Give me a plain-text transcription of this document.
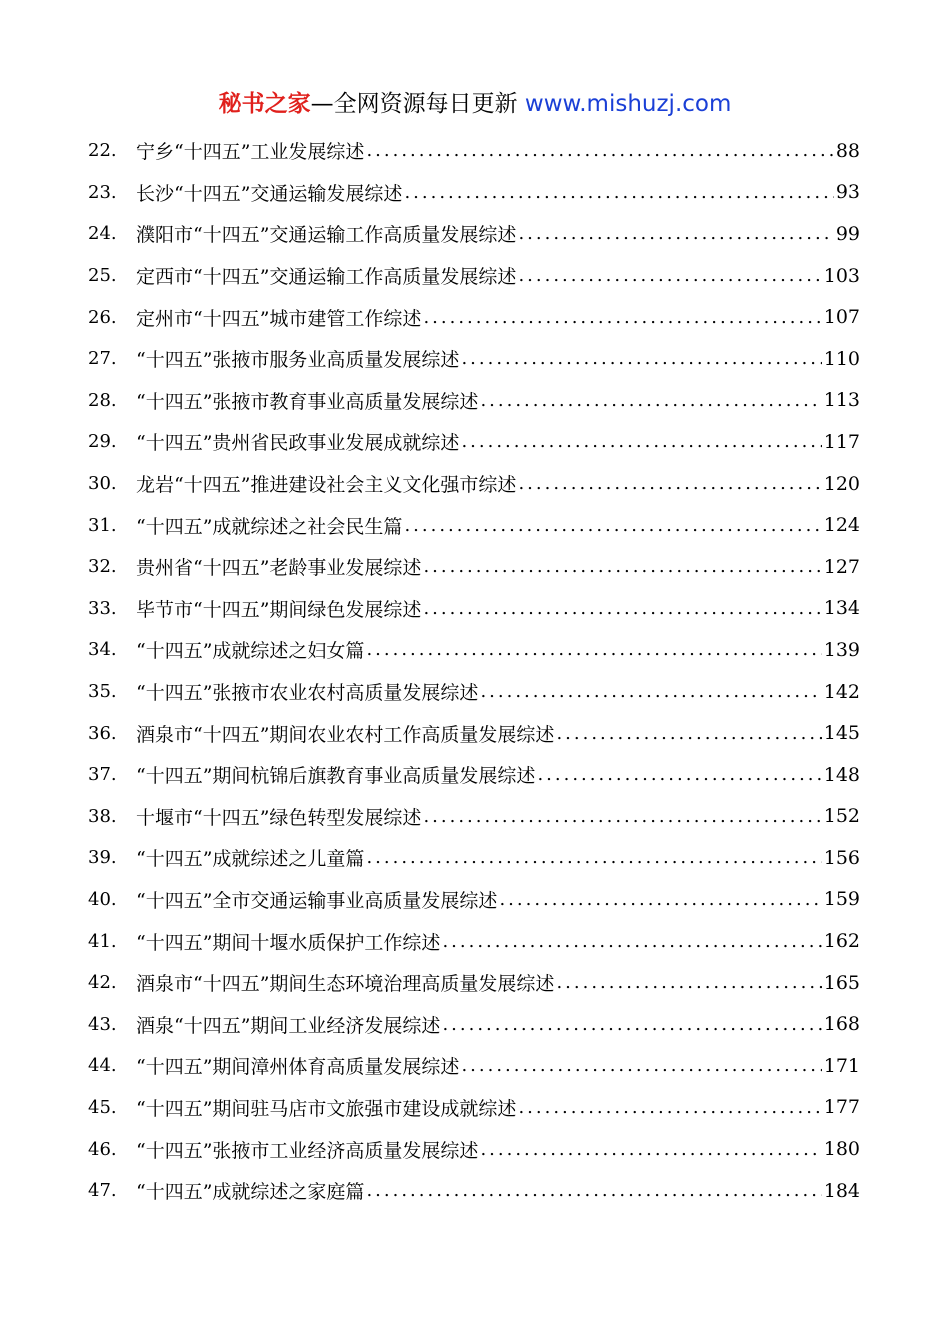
秘书之家—全网资源每日更新 www.mishuzj.com
22.	宁乡“十四五”工业发展综述 .....	88
23.	长沙“十四五”交通运输发展综述 .....	93
24.	濮阳市“十四五”交通运输工作高质量发展综述 .....	99
25.	定西市“十四五”交通运输工作高质量发展综述 .....	103
26.	定州市“十四五”城市建管工作综述 .....	107
27.	“十四五”张掖市服务业高质量发展综述 .....	110
28.	“十四五”张掖市教育事业高质量发展综述 .....	113
29.	“十四五”贵州省民政事业发展成就综述 .....	117
30.	龙岩“十四五”推进建设社会主义文化强市综述 .....	120
31.	“十四五”成就综述之社会民生篇 .....	124
32.	贵州省“十四五”老龄事业发展综述 .....	127
33.	毕节市“十四五”期间绿色发展综述 .....	134
34.	“十四五”成就综述之妇女篇 .....	139
35.	“十四五”张掖市农业农村高质量发展综述 .....	142
36.	酒泉市“十四五”期间农业农村工作高质量发展综述 .....	145
37.	“十四五”期间杭锦后旗教育事业高质量发展综述 .....	148
38.	十堰市“十四五”绿色转型发展综述 .....	152
39.	“十四五”成就综述之儿童篇 .....	156
40.	“十四五”全市交通运输事业高质量发展综述 .....	159
41.	“十四五”期间十堰水质保护工作综述 .....	162
42.	酒泉市“十四五”期间生态环境治理高质量发展综述 .....	165
43.	酒泉“十四五”期间工业经济发展综述 .....	168
44.	“十四五”期间漳州体育高质量发展综述 .....	171
45.	“十四五”期间驻马店市文旅强市建设成就综述 .....	177
46.	“十四五”张掖市工业经济高质量发展综述 .....	180
47.	“十四五”成就综述之家庭篇 .....	184
